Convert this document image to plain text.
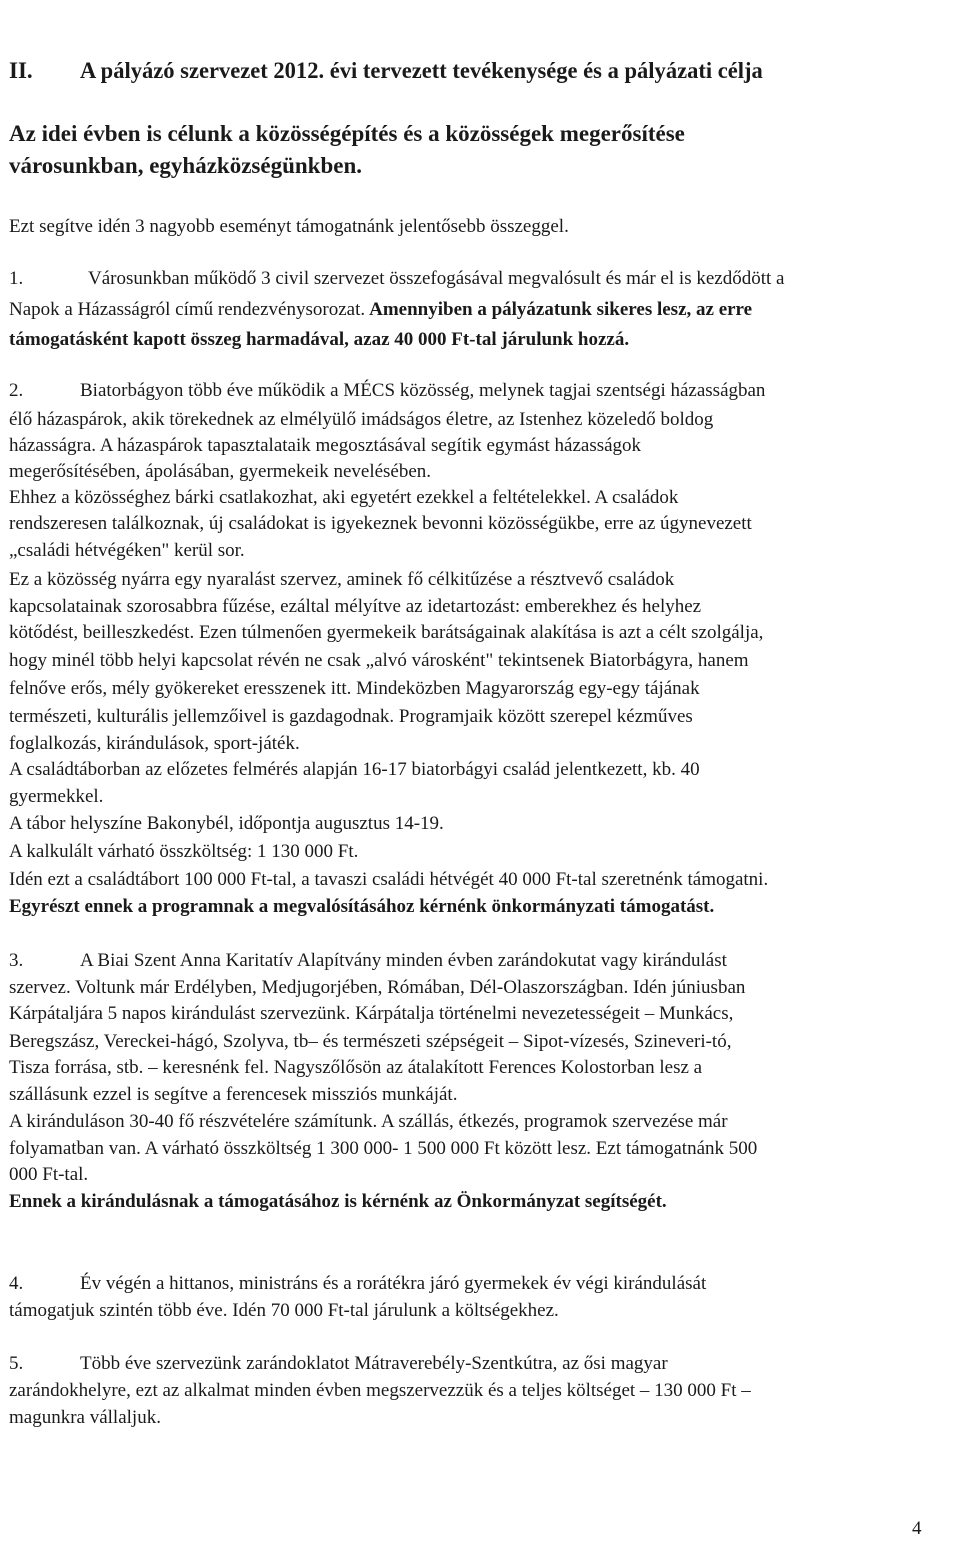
II. A pályázó szervezet 2012. évi tervezett tevékenysége és a pályázati célja
Az idei évben is célunk a közösségépítés és a közösségek megerősítése
városunkban, egyházközségünkben.
Ezt segítve idén 3 nagyobb eseményt támogatnánk jelentősebb összeggel.
1.	Városunkban működő 3 civil szervezet összefogásával megvalósult és már el is kezdődött a
Napok a Házasságról című rendezvénysorozat. Amennyiben a pályázatunk sikeres lesz, az erre
támogatásként kapott összeg harmadával, azaz 40 000 Ft-tal járulunk hozzá.
2.	Biatorbágyon több éve működik a MÉCS közösség, melynek tagjai szentségi házasságban
élő házaspárok, akik törekednek az elmélyülő imádságos életre, az Istenhez közeledő boldog
házasságra. A házaspárok tapasztalataik megosztásával segítik egymást házasságok
megerősítésében, ápolásában, gyermekeik nevelésében.
Ehhez a közösséghez bárki csatlakozhat, aki egyetért ezekkel a feltételekkel. A családok
rendszeresen találkoznak, új családokat is igyekeznek bevonni közösségükbe, erre az úgynevezett
„családi hétvégéken" kerül sor.
Ez a közösség nyárra egy nyaralást szervez, aminek fő célkitűzése a résztvevő családok
kapcsolatainak szorosabbra fűzése, ezáltal mélyítve az idetartozást: emberekhez és helyhez
kötődést, beilleszkedést. Ezen túlmenően gyermekeik barátságainak alakítása is azt a célt szolgálja,
hogy minél több helyi kapcsolat révén ne csak „alvó városként" tekintsenek Biatorbágyra, hanem
felnőve erős, mély gyökereket eresszenek itt. Mindeközben Magyarország egy-egy tájának
természeti, kulturális jellemzőivel is gazdagodnak. Programjaik között szerepel kézműves
foglalkozás, kirándulások, sport-játék.
A családtáborban az előzetes felmérés alapján 16-17 biatorbágyi család jelentkezett, kb. 40
gyermekkel.
A tábor helyszíne Bakonybél, időpontja augusztus 14-19.
A kalkulált várható összköltség: 1 130 000 Ft.
Idén ezt a családtábort 100 000 Ft-tal, a tavaszi családi hétvégét 40 000 Ft-tal szeretnénk támogatni.
Egyrészt ennek a programnak a megvalósításához kérnénk önkormányzati támogatást.
3.	A Biai Szent Anna Karitatív Alapítvány minden évben zarándokutat vagy kirándulást
szervez. Voltunk már Erdélyben, Medjugorjében, Rómában, Dél-Olaszországban. Idén júniusban
Kárpátaljára 5 napos kirándulást szervezünk. Kárpátalja történelmi nevezetességeit – Munkács,
Beregszász, Vereckei-hágó, Szolyva, tb– és természeti szépségeit – Sipot-vízesés, Szineveri-tó,
Tisza forrása, stb. – keresnénk fel. Nagyszőlősön az átalakított Ferences Kolostorban lesz a
szállásunk ezzel is segítve a ferencesek missziós munkáját.
A kiránduláson 30-40 fő részvételére számítunk. A szállás, étkezés, programok szervezése már
folyamatban van. A várható összköltség 1 300 000- 1 500 000 Ft között lesz. Ezt támogatnánk 500
000 Ft-tal.
Ennek a kirándulásnak a támogatásához is kérnénk az Önkormányzat segítségét.
4.	Év végén a hittanos, ministráns és a rorátékra járó gyermekek év végi kirándulását
támogatjuk szintén több éve. Idén 70 000 Ft-tal járulunk a költségekhez.
5.	Több éve szervezünk zarándoklatot Mátraverebély-Szentkútra, az ősi magyar
zarándokhelyre, ezt az alkalmat minden évben megszervezzük és a teljes költséget – 130 000 Ft –
magunkra vállaljuk.
4
